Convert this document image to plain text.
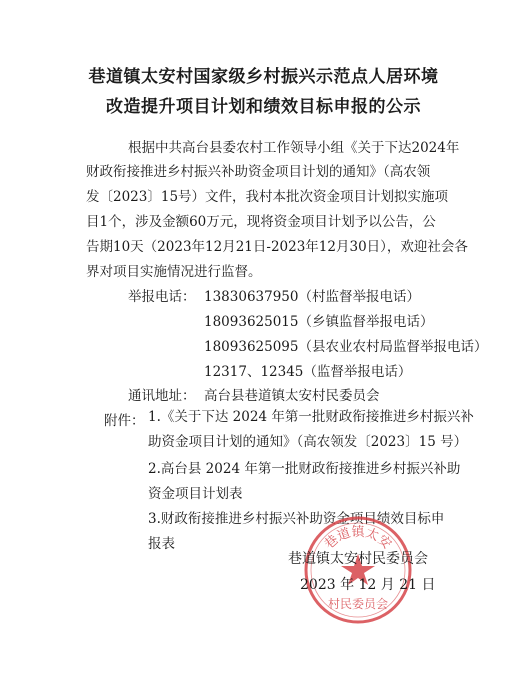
巷道镇太安村国家级乡村振兴示范点人居环境
改造提升项目计划和绩效目标申报的公示
根据中共高台县委农村工作领导小组《关于下达2024年
财政衔接推进乡村振兴补助资金项目计划的通知》（高农领
发〔2023〕15号）文件，我村本批次资金项目计划拟实施项
目1个，涉及金额60万元，现将资金项目计划予以公告，公
告期10天（2023年12月21日-2023年12月30日），欢迎社会各
界对项目实施情况进行监督。
举报电话： 13830637950（村监督举报电话）
18093625015（乡镇监督举报电话）
18093625095（县农业农村局监督举报电话）
12317、12345（监督举报电话）
通讯地址： 高台县巷道镇太安村民委员会
附件： 1.《关于下达 2024 年第一批财政衔接推进乡村振兴补
助资金项目计划的通知》（高农领发〔2023〕15 号）
2.高台县 2024 年第一批财政衔接推进乡村振兴补助
资金项目计划表
3.财政衔接推进乡村振兴补助资金项目绩效目标申
报表	巷道镇太安
村民委员会
巷道镇太安村民委员会
2023 年 12 月 21 日
